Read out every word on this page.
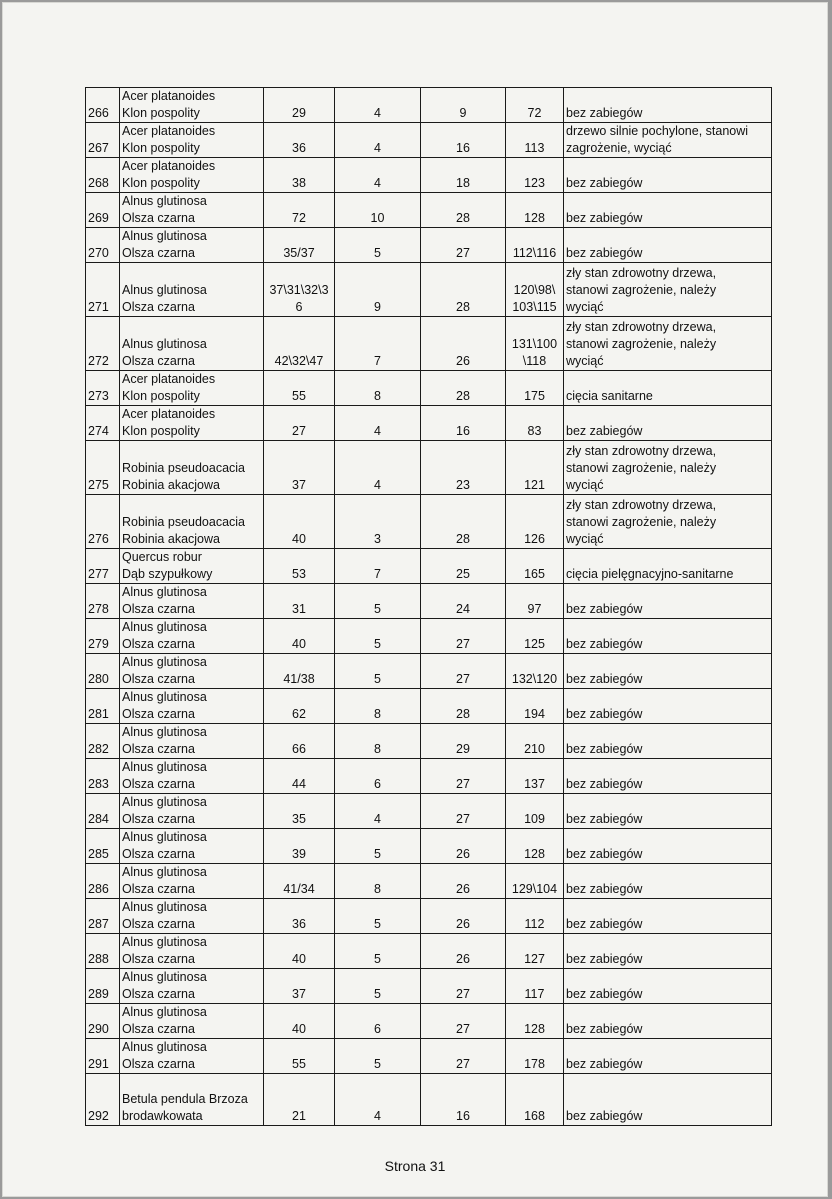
266	Acer platanoides
Klon pospolity	29	4	9	72	bez zabiegów
267	Acer platanoides
Klon pospolity	36	4	16	113	drzewo silnie pochylone, stanowi
zagrożenie, wyciąć
268	Acer platanoides
Klon pospolity	38	4	18	123	bez zabiegów
269	Alnus glutinosa
Olsza czarna	72	10	28	128	bez zabiegów
270	Alnus glutinosa
Olsza czarna	35/37	5	27	112\116	bez zabiegów
271	Alnus glutinosa
Olsza czarna	37\31\32\3
6	9	28	120\98\
103\115	zły stan zdrowotny drzewa,
stanowi zagrożenie, należy
wyciąć
272	Alnus glutinosa
Olsza czarna	42\32\47	7	26	131\100
\118	zły stan zdrowotny drzewa,
stanowi zagrożenie, należy
wyciąć
273	Acer platanoides
Klon pospolity	55	8	28	175	cięcia sanitarne
274	Acer platanoides
Klon pospolity	27	4	16	83	bez zabiegów
275	Robinia pseudoacacia
Robinia akacjowa	37	4	23	121	zły stan zdrowotny drzewa,
stanowi zagrożenie, należy
wyciąć
276	Robinia pseudoacacia
Robinia akacjowa	40	3	28	126	zły stan zdrowotny drzewa,
stanowi zagrożenie, należy
wyciąć
277	Quercus robur
Dąb szypułkowy	53	7	25	165	cięcia pielęgnacyjno-sanitarne
278	Alnus glutinosa
Olsza czarna	31	5	24	97	bez zabiegów
279	Alnus glutinosa
Olsza czarna	40	5	27	125	bez zabiegów
280	Alnus glutinosa
Olsza czarna	41/38	5	27	132\120	bez zabiegów
281	Alnus glutinosa
Olsza czarna	62	8	28	194	bez zabiegów
282	Alnus glutinosa
Olsza czarna	66	8	29	210	bez zabiegów
283	Alnus glutinosa
Olsza czarna	44	6	27	137	bez zabiegów
284	Alnus glutinosa
Olsza czarna	35	4	27	109	bez zabiegów
285	Alnus glutinosa
Olsza czarna	39	5	26	128	bez zabiegów
286	Alnus glutinosa
Olsza czarna	41/34	8	26	129\104	bez zabiegów
287	Alnus glutinosa
Olsza czarna	36	5	26	112	bez zabiegów
288	Alnus glutinosa
Olsza czarna	40	5	26	127	bez zabiegów
289	Alnus glutinosa
Olsza czarna	37	5	27	117	bez zabiegów
290	Alnus glutinosa
Olsza czarna	40	6	27	128	bez zabiegów
291	Alnus glutinosa
Olsza czarna	55	5	27	178	bez zabiegów
292	Betula pendula Brzoza
brodawkowata	21	4	16	168	bez zabiegów
Strona 31
